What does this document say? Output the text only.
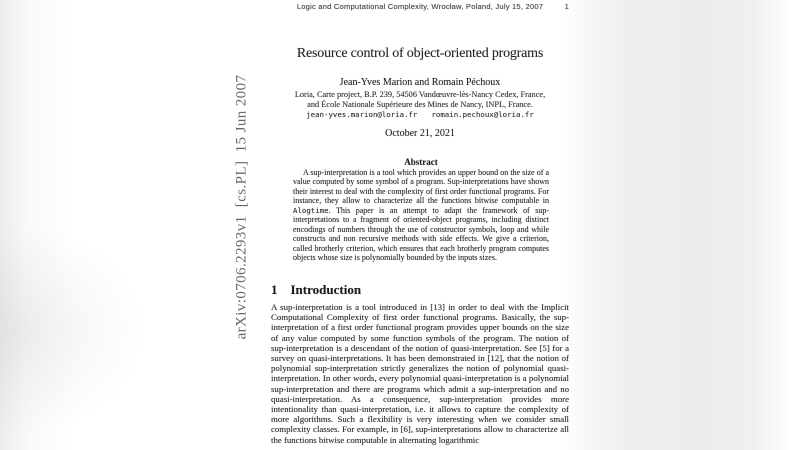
Logic and Computational Complexity, Wrocław, Poland, July 15, 2007	1
arXiv:0706.2293v1  [cs.PL]  15 Jun 2007
Resource control of object-oriented programs
Jean-Yves Marion and Romain Péchoux
Loria, Carte project, B.P. 239, 54506 Vandœuvre-lès-Nancy Cedex, France,
and École Nationale Supérieure des Mines de Nancy, INPL, France.
jean-yves.marion@loria.fr romain.pechoux@loria.fr
October 21, 2021
Abstract

A sup-interpretation is a tool which provides an upper bound on the size of a value computed by some symbol of a program. Sup-interpretations have shown their interest to deal with the complexity of first order functional programs. For instance, they allow to characterize all the functions bitwise computable in Alogtime. This paper is an attempt to adapt the framework of sup-interpretations to a fragment of oriented-object programs, including distinct encodings of numbers through the use of constructor symbols, loop and while constructs and non recursive methods with side effects. We give a criterion, called brotherly criterion, which ensures that each brotherly program computes objects whose size is polynomially bounded by the inputs sizes.

1 Introduction

A sup-interpretation is a tool introduced in [13] in order to deal with the Implicit Computational Complexity of first order functional programs. Basically, the sup-interpretation of a first order functional program provides upper bounds on the size of any value computed by some function symbols of the program. The notion of sup-interpretation is a descendant of the notion of quasi-interpretation. See [5] for a survey on quasi-interpretations. It has been demonstrated in [12], that the notion of polynomial sup-interpretation strictly generalizes the notion of polynomial quasi-interpretation. In other words, every polynomial quasi-interpretation is a polynomial sup-interpretation and there are programs which admit a sup-interpretation and no quasi-interpretation. As a consequence, sup-interpretation provides more intentionality than quasi-interpretation, i.e. it allows to capture the complexity of more algorithms. Such a flexibility is very interesting when we consider small complexity classes. For example, in [6], sup-interpretations allow to characterize all the functions bitwise computable in alternating logarithmic
